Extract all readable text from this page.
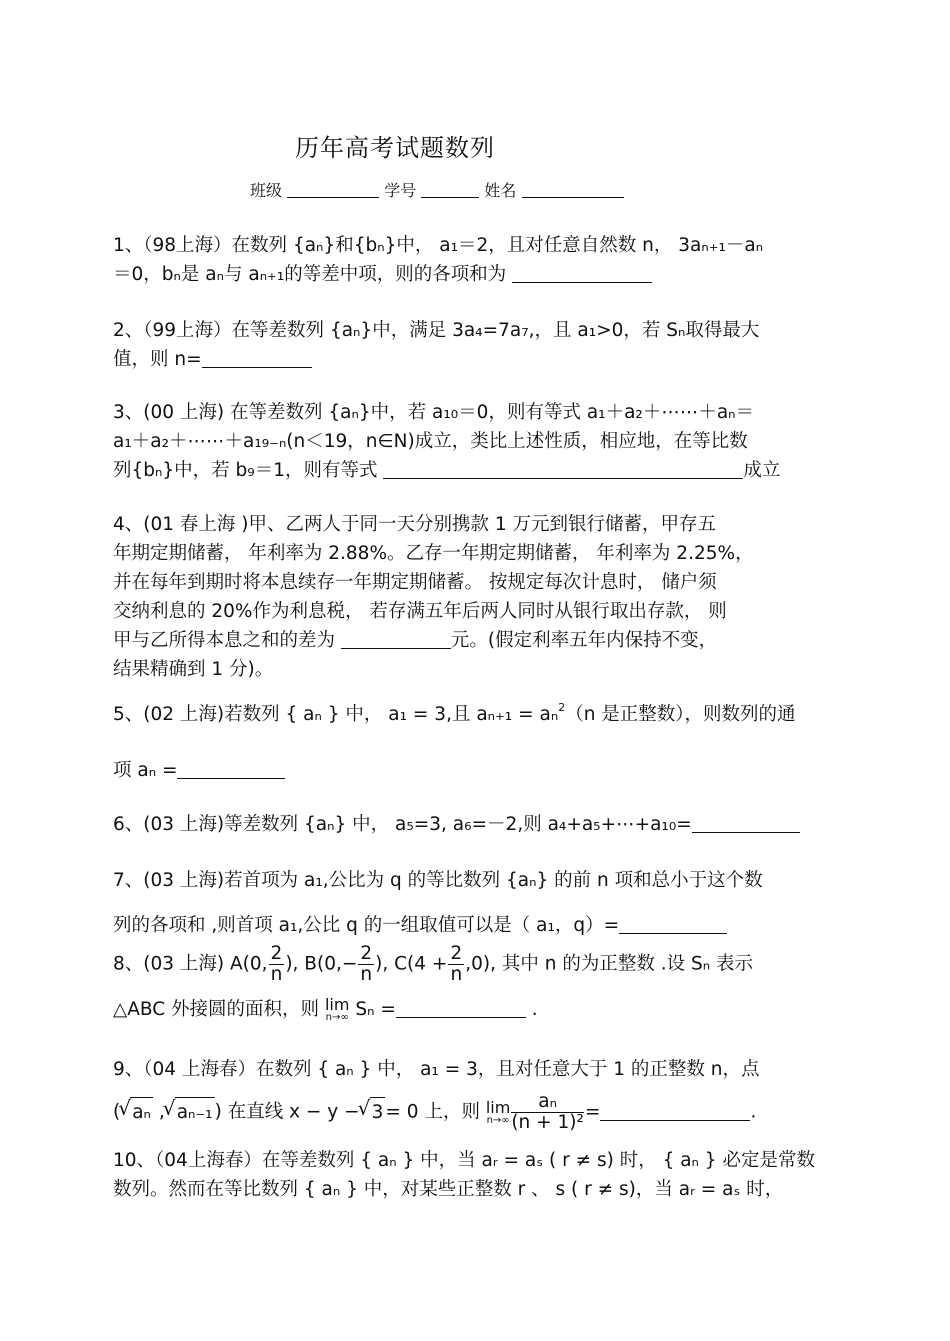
历年高考试题数列
班级	学号	姓名
1、（98上海）在数列 {aₙ}和{bₙ}中， a₁＝2，且对任意自然数 n， 3aₙ₊₁－aₙ
＝0，bₙ是 aₙ与 aₙ₊₁的等差中项，则的各项和为
2、（99上海）在等差数列 {aₙ}中，满足 3a₄=7a₇,，且 a₁>0，若 Sₙ取得最大
值，则 n=
3、(00 上海) 在等差数列 {aₙ}中，若 a₁₀＝0，则有等式 a₁＋a₂＋⋯⋯＋aₙ＝
a₁＋a₂＋⋯⋯＋a₁₉₋ₙ(n＜19，n∈N)成立，类比上述性质，相应地，在等比数
列{bₙ}中，若 b₉＝1，则有等式	成立
4、(01 春上海 )甲、乙两人于同一天分别携款 1 万元到银行储蓄，甲存五
年期定期储蓄， 年利率为 2.88%。乙存一年期定期储蓄， 年利率为 2.25%，
并在每年到期时将本息续存一年期定期储蓄。 按规定每次计息时， 储户须
交纳利息的 20%作为利息税， 若存满五年后两人同时从银行取出存款， 则
甲与乙所得本息之和的差为	元。(假定利率五年内保持不变，
结果精确到 1 分)。
5、(02 上海)若数列 { aₙ } 中， a₁ = 3,且 aₙ₊₁ = aₙ$^2$（n 是正整数），则数列的通
项 aₙ =
6、(03 上海)等差数列 {aₙ} 中， a₅=3, a₆=－2,则 a₄+a₅+⋯+a₁₀=
7、(03 上海)若首项为 a₁,公比为 q 的等比数列 {aₙ} 的前 n 项和总小于这个数
列的各项和 ,则首项 a₁,公比 q 的一组取值可以是（ a₁，q）=
8、(03 上海) A(0, $\frac{2}{n}$ ), $B(0,- \frac{2}{n}$ ), $C(4 + \frac{2}{n} ,0)$, 其中 n 的为正整数 .设 Sₙ 表示
△ABC 外接圆的面积，则 lim
n→∞ Sₙ =	.
9、（04 上海春）在数列 { aₙ } 中， a₁ = 3，且对任意大于 1 的正整数 n，点
( √ aₙ , √ aₙ₋₁ ) 在直线 x − y − √ 3 = 0 上，则 lim
$n\to\infty \frac{\text{aₙ}}{\text{(n + 1)²}}$ =	.
10、（04上海春）在等差数列 { aₙ } 中，当 aᵣ = aₛ ( r ≠ s) 时， { aₙ } 必定是常数
数列。然而在等比数列 { aₙ } 中，对某些正整数 r 、 s ( r ≠ s)，当 aᵣ = aₛ 时，
